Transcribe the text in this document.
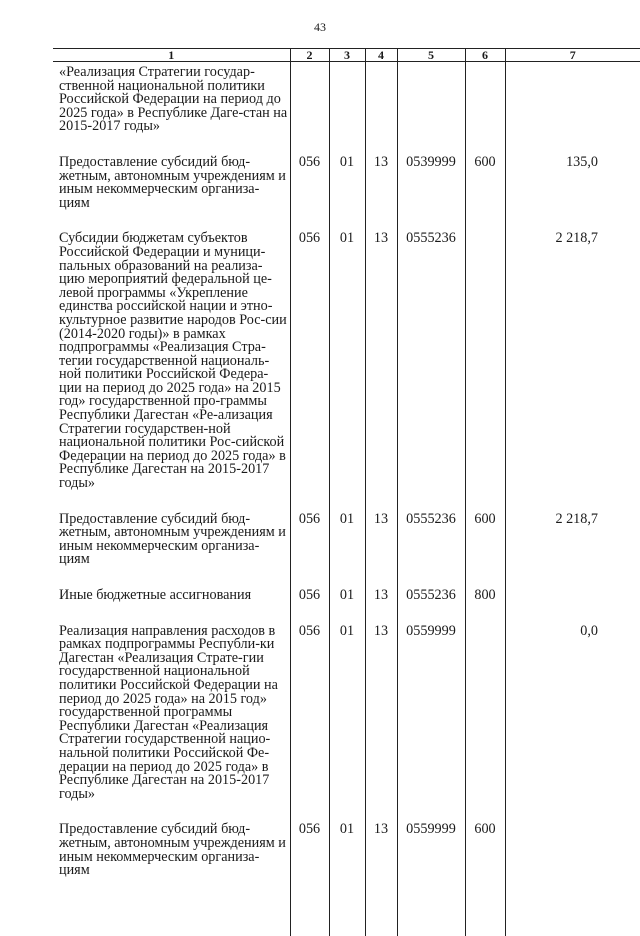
43
1	2	3	4	5	6	7
«Реализация Стратегии государ-ственной национальной политики Российской Федерации на период до 2025 года» в Республике Даге-стан на 2015-2017 годы»						
Предоставление субсидий бюд-жетным, автономным учреждениям и иным некоммерческим организа-циям	056	01	13	0539999	600	135,0
Субсидии бюджетам субъектов Российской Федерации и муници-пальных образований на реализа-цию мероприятий федеральной це-левой программы «Укрепление единства российской нации и этно-культурное развитие народов Рос-сии (2014-2020 годы)» в рамках подпрограммы «Реализация Стра-тегии государственной националь-ной политики Российской Федера-ции на период до 2025 года» на 2015 год» государственной про-граммы Республики Дагестан «Ре-ализация Стратегии государствен-ной национальной политики Рос-сийской Федерации на период до 2025 года» в Республике Дагестан на 2015-2017 годы»	056	01	13	0555236		2 218,7
Предоставление субсидий бюд-жетным, автономным учреждениям и иным некоммерческим организа-циям	056	01	13	0555236	600	2 218,7
Иные бюджетные ассигнования	056	01	13	0555236	800	
Реализация направления расходов в рамках подпрограммы Республи-ки Дагестан «Реализация Страте-гии государственной национальной политики Российской Федерации на период до 2025 года» на 2015 год» государственной программы Республики Дагестан «Реализация Стратегии государственной нацио-нальной политики Российской Фе-дерации на период до 2025 года» в Республике Дагестан на 2015-2017 годы»	056	01	13	0559999		0,0
Предоставление субсидий бюд-жетным, автономным учреждениям и иным некоммерческим организа-циям	056	01	13	0559999	600	
